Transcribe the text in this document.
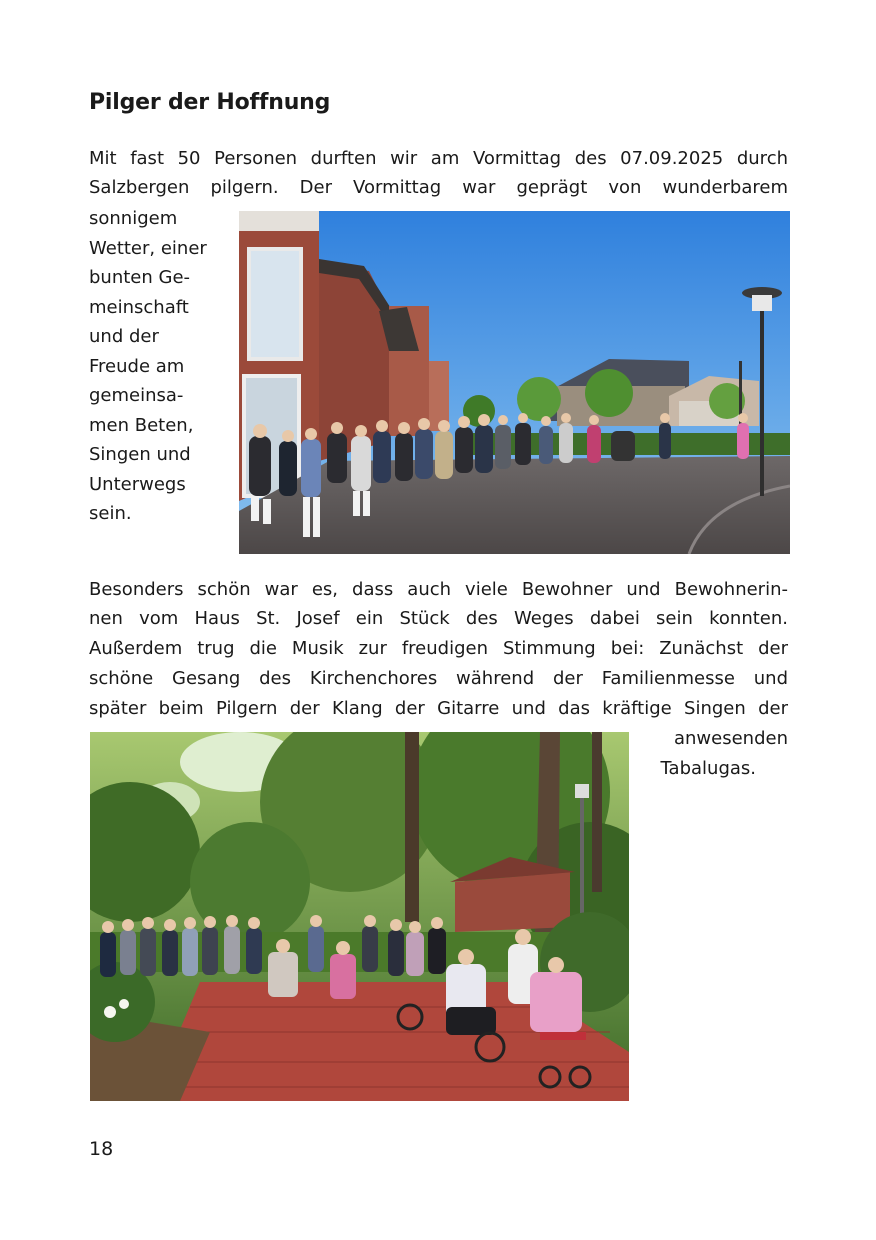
Pilger der Hoffnung
Mit fast 50 Personen durften wir am Vormittag des 07.09.2025 durch
Salzbergen pilgern. Der Vormittag war geprägt von wunderbarem
sonnigem
Wetter, einer
bunten Ge-
meinschaft
und der
Freude am
gemeinsa-
men Beten,
Singen und
Unterwegs
sein.
Besonders schön war es, dass auch viele Bewohner und Bewohnerin-
nen vom Haus St. Josef ein Stück des Weges dabei sein konnten.
Außerdem trug die Musik zur freudigen Stimmung bei: Zunächst der
schöne Gesang des Kirchenchores während der Familienmesse und
später beim Pilgern der Klang der Gitarre und das kräftige Singen der
anwesenden
Tabalugas.
18
